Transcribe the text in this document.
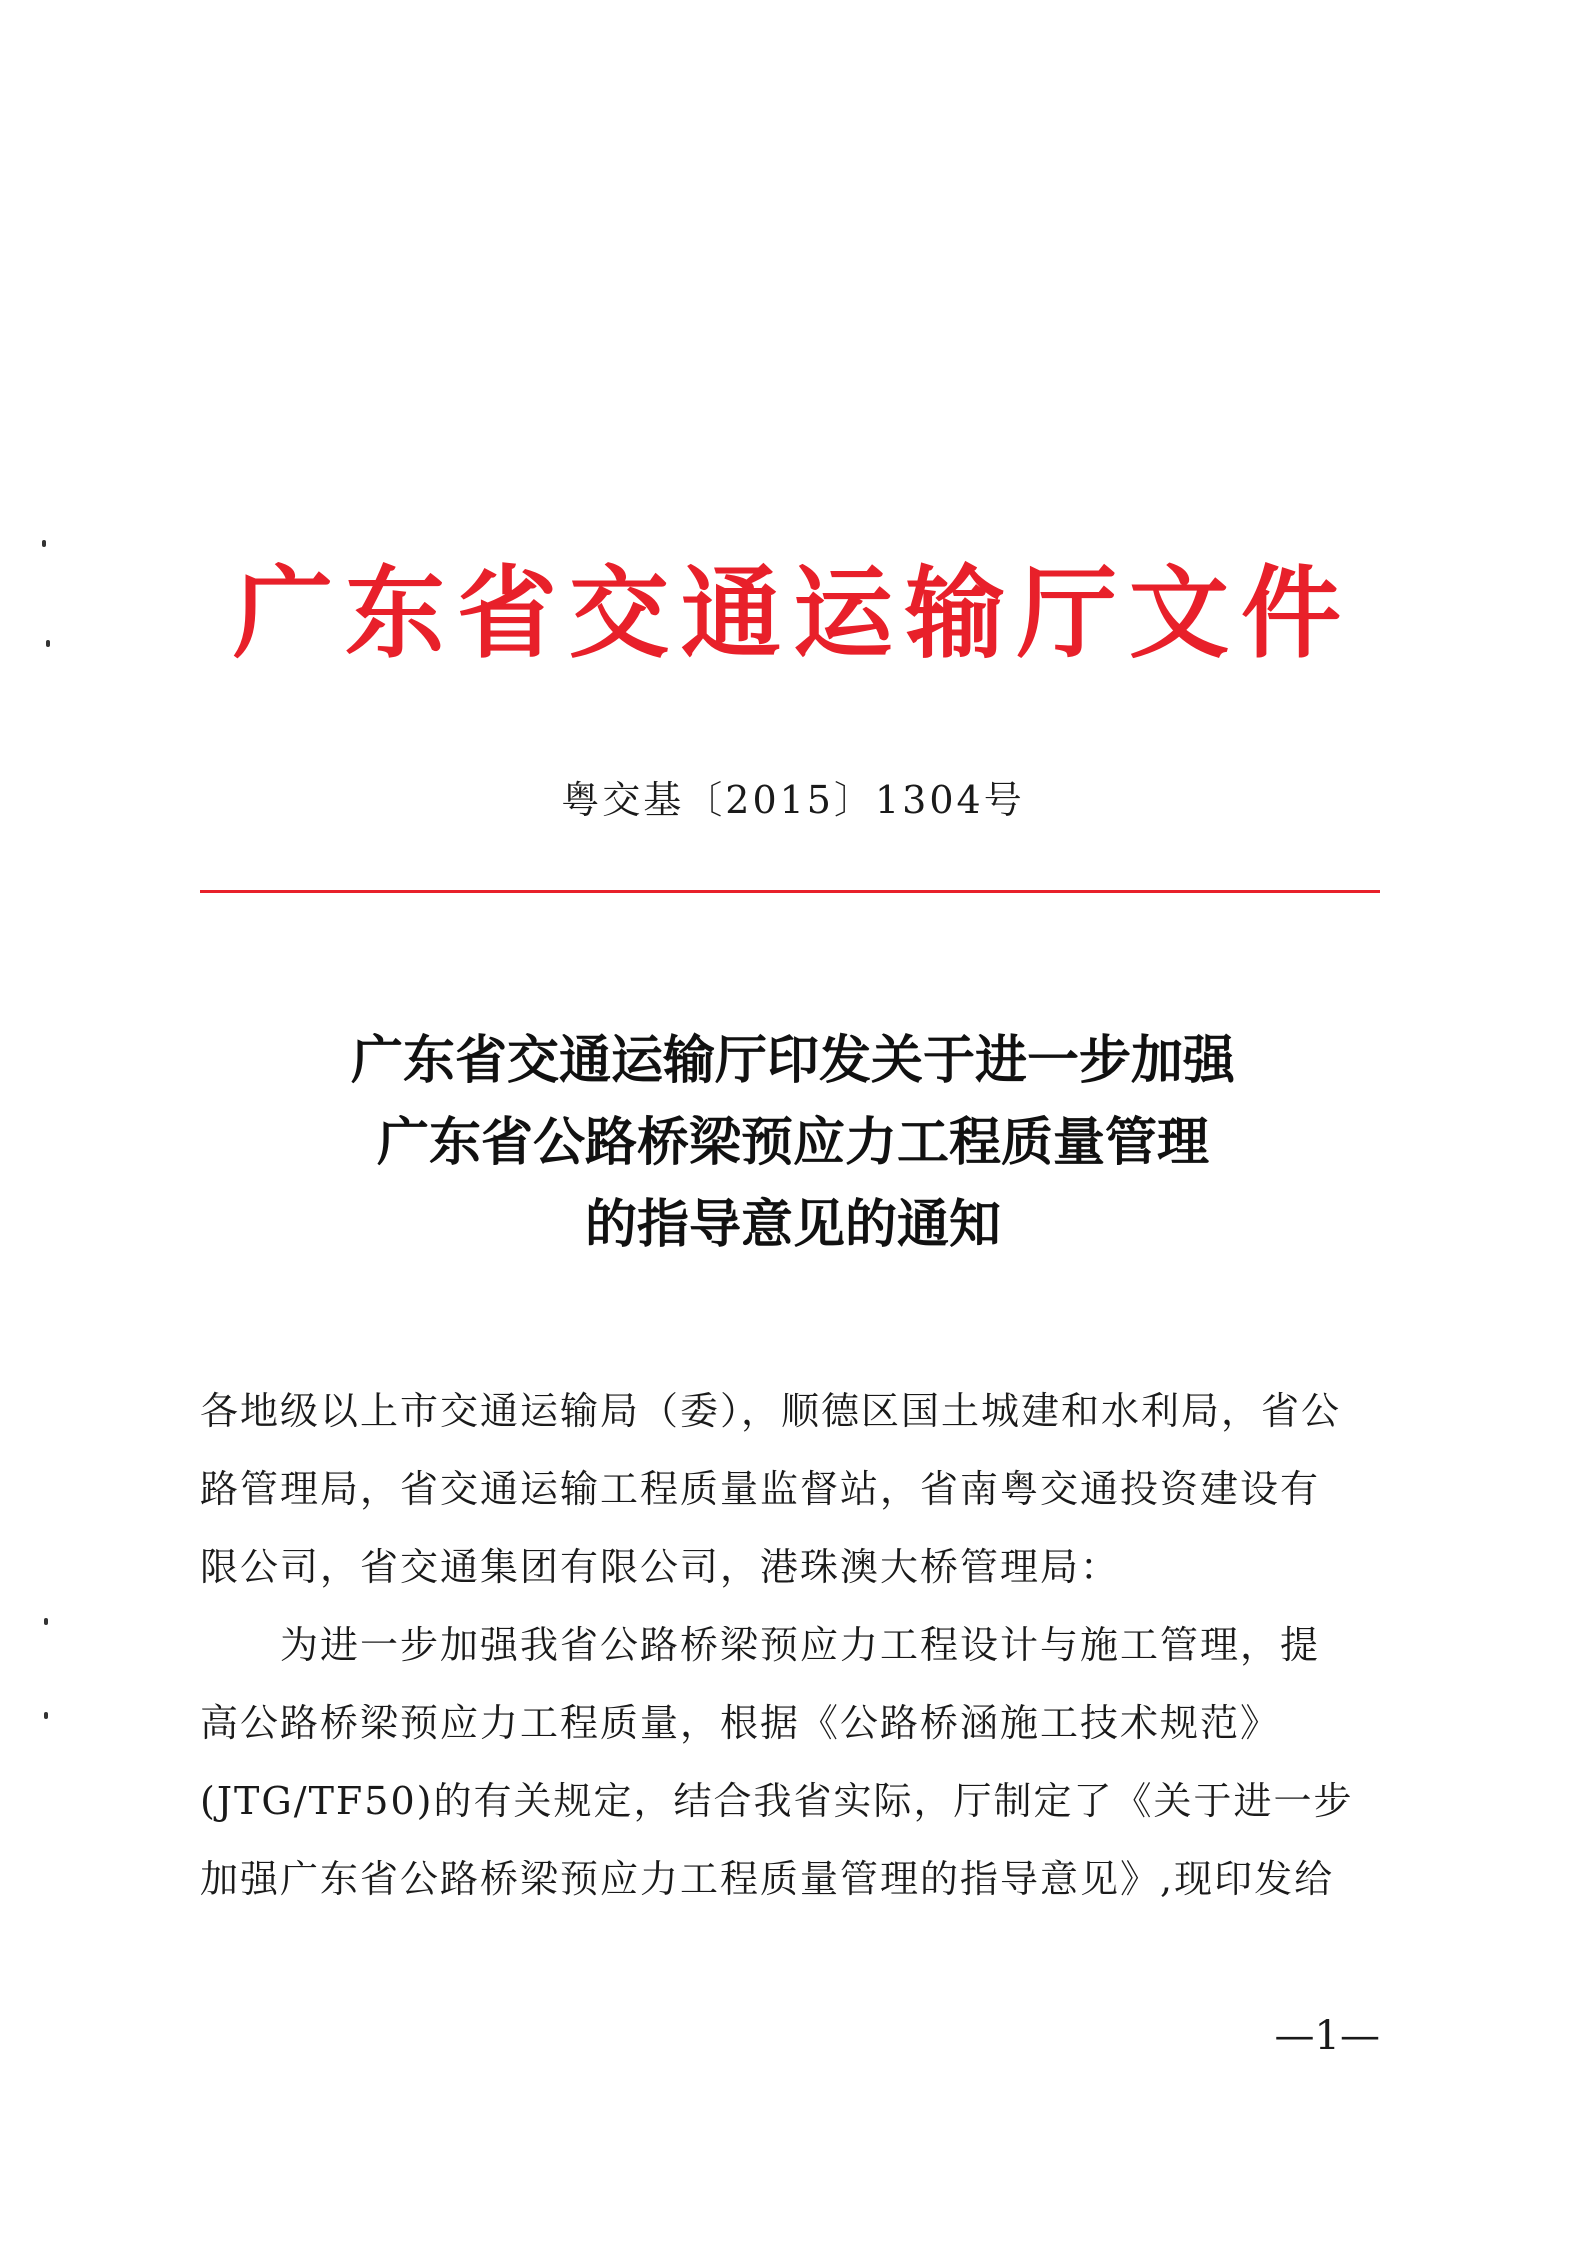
广东省交通运输厅文件
粤交基〔2015〕1304号
广东省交通运输厅印发关于进一步加强
广东省公路桥梁预应力工程质量管理
的指导意见的通知
各地级以上市交通运输局（委），顺德区国土城建和水利局，省公
路管理局，省交通运输工程质量监督站，省南粤交通投资建设有
限公司，省交通集团有限公司，港珠澳大桥管理局：
为进一步加强我省公路桥梁预应力工程设计与施工管理，提
高公路桥梁预应力工程质量，根据《公路桥涵施工技术规范》
(JTG/TF50)的有关规定，结合我省实际，厅制定了《关于进一步
加强广东省公路桥梁预应力工程质量管理的指导意见》,现印发给
—1—
